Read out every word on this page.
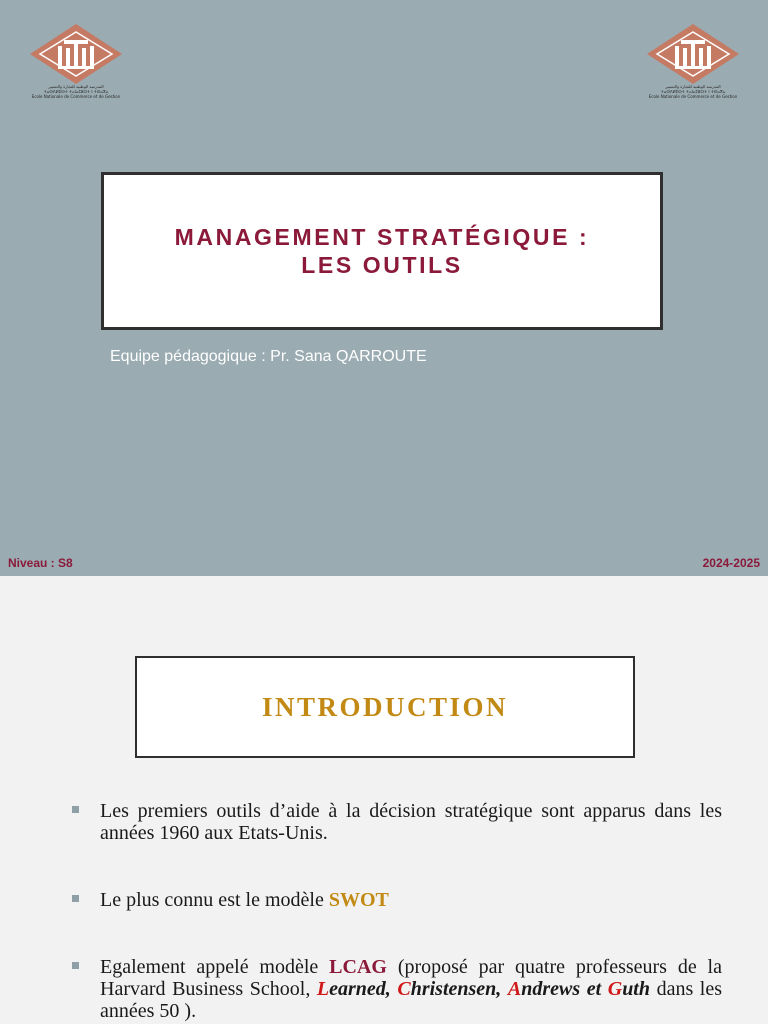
المدرسة الوطنية للتجارة والتسيير
ⵜⴰⵙⴷⵍⵉⵙⵜ ⵜⴰⵏⴰⵎⵓⵔⵜ ⵏ ⵜⵙⴰⴳⴰ
Ecole Nationale de Commerce et de Gestion
المدرسة الوطنية للتجارة والتسيير
ⵜⴰⵙⴷⵍⵉⵙⵜ ⵜⴰⵏⴰⵎⵓⵔⵜ ⵏ ⵜⵙⴰⴳⴰ
Ecole Nationale de Commerce et de Gestion
MANAGEMENT STRATÉGIQUE :
LES OUTILS
Equipe pédagogique : Pr. Sana QARROUTE
Niveau : S8	2024-2025
INTRODUCTION
Les premiers outils d’aide à la décision stratégique sont apparus dans les années 1960 aux Etats-Unis.
Le plus connu est le modèle SWOT
Egalement appelé modèle LCAG (proposé par quatre professeurs de la Harvard Business School, Learned, Christensen, Andrews et Guth dans les années 50 ).
